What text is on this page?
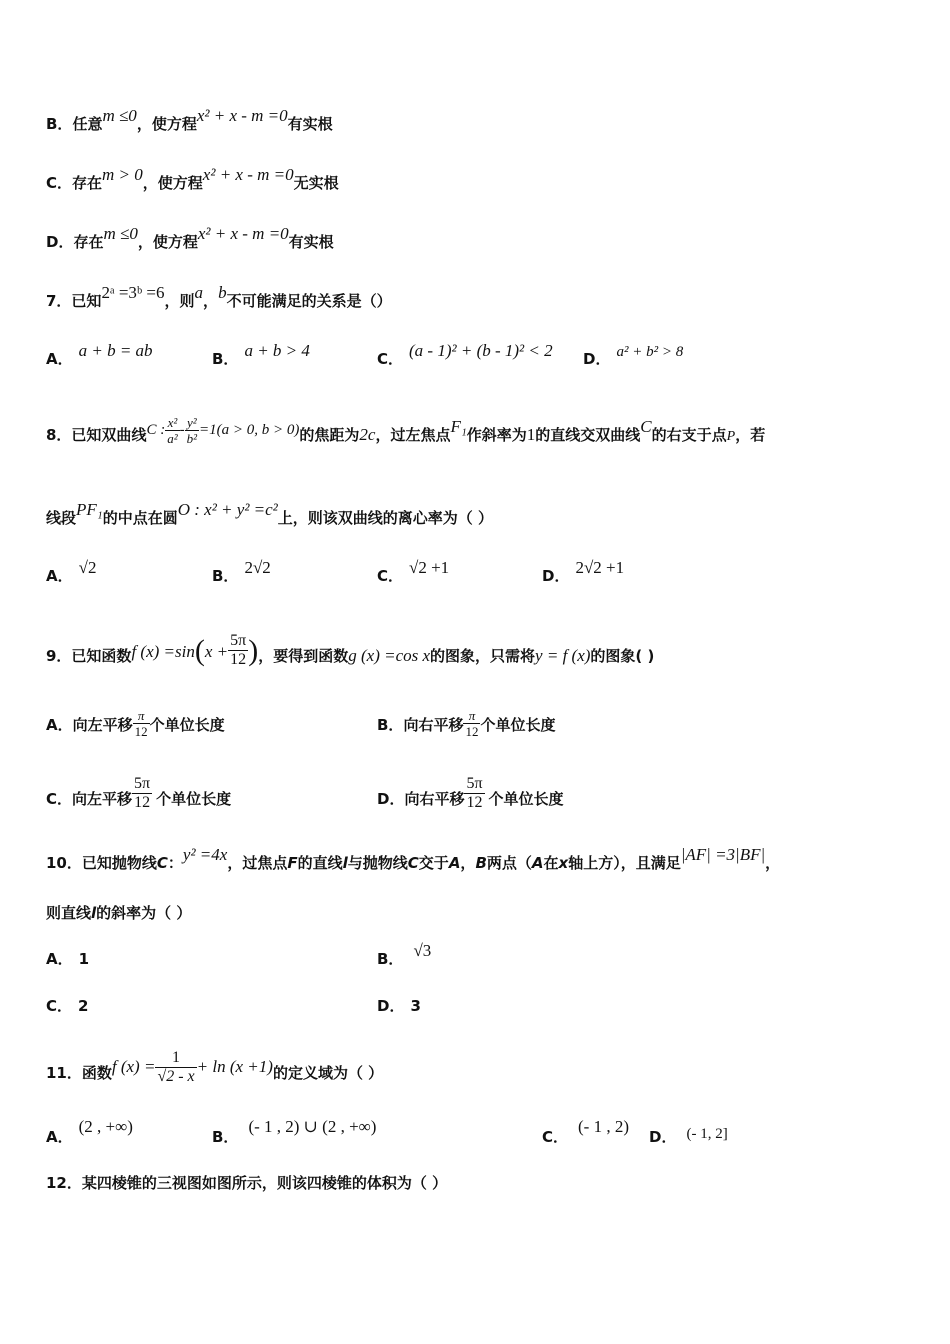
B．任意m ≤0，使方程x² + x - m =0有实根
C．存在m > 0，使方程x² + x - m =0无实根
D．存在m ≤0，使方程x² + x - m =0有实根
7．已知2ᵃ =3ᵇ =6，则a，b不可能满足的关系是（）
A． a + b = ab	B． a + b > 4	C． (a - 1)² + (b - 1)² < 2 D． a² + b² > 8
8．已知双曲线C : $\frac{\text{x²}}{\text{a²}} - \frac{\text{y²}}{\text{b²}} =1(a > 0$, b > 0)的焦距为2c，过左焦点F₁作斜率为1的直线交双曲线C的右支于点P，若
线段PF₁的中点在圆O : x² + y² =c²上，则该双曲线的离心率为（ ）
A． √2	B． 2√2	C． √2 +1	D． 2√2 +1
9．已知函数f $(x) =\sin(x + \frac{5\pi}{12}$ )，要得到函数g (x) =cos x的图象，只需将y = f (x)的图象( )
A．向左平移 $\frac{\pi}{12}$ 个单位长度	B．向右平移 $\frac{\pi}{12}$ 个单位长度
C．向左平移 $\frac{5\pi}{12}$ 个单位长度	D．向右平移 $\frac{5\pi}{12}$ 个单位长度
10．已知抛物线C：y² =4x，过焦点F的直线l与抛物线C交于A，B两点（A在x轴上方），且满足|AF| =3|BF|，
则直线l的斜率为（ ）
A． 1	B． √3
C． 2	D． 3
11．函数f $(x) = \frac{1}{√2 - x} + \ln (x +1)$的定义域为（ ）
A．(2 , +∞)
B．(- 1 , 2) ∪ (2 , +∞)
C．(- 1 , 2)
D． (- 1, 2]
12．某四棱锥的三视图如图所示，则该四棱锥的体积为（ ）
